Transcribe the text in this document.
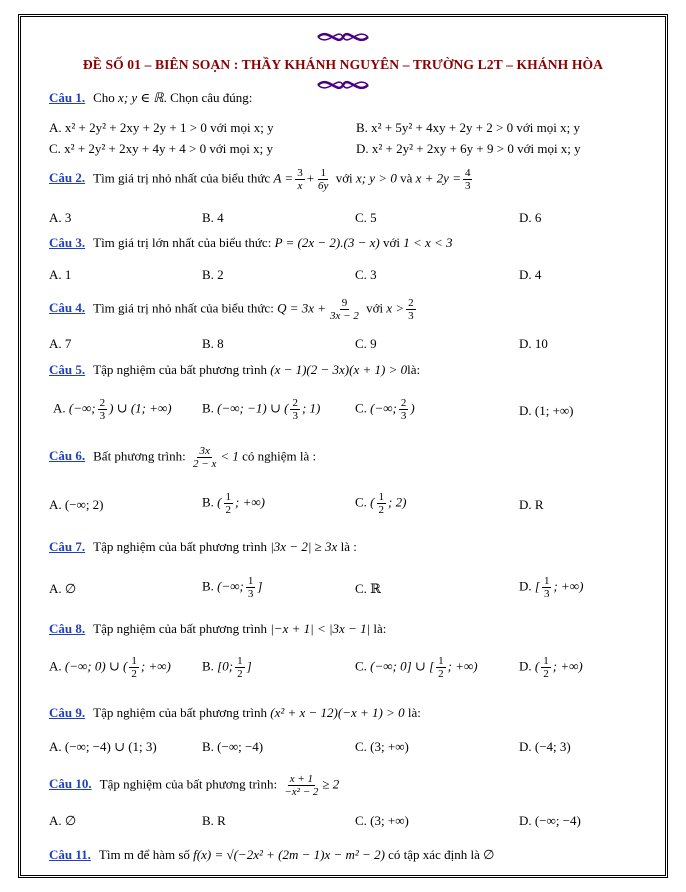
ĐỀ SỐ 01 – BIÊN SOẠN : THẦY KHÁNH NGUYÊN – TRƯỜNG L2T – KHÁNH HÒA
Câu 1. Cho x; y ∈ ℝ. Chọn câu đúng:
A. x² + 2y² + 2xy + 2y + 1 > 0 với mọi x; y	B. x² + 5y² + 4xy + 2y + 2 > 0 với mọi x; y
C. x² + 2y² + 2xy + 4y + 4 > 0 với mọi x; y	D. x² + 2y² + 2xy + 6y + 9 > 0 với mọi x; y
Câu 2. Tìm giá trị nhỏ nhất của biểu thức $A = \frac{3}{x} + \frac{1}{6y}$ với x; y > 0 và $x + 2y = \frac{4}{3}$
A. 3	B. 4	C. 5	D. 6
Câu 3. Tìm giá trị lớn nhất của biểu thức: P = (2x − 2).(3 − x) với 1 < x < 3
A. 1	B. 2	C. 3	D. 4
Câu 4. Tìm giá trị nhỏ nhất của biểu thức: $Q = 3x + \frac{9}{3x - 2}$ với $x > \frac{2}{3}$
A. 7	B. 8	C. 9	D. 10
Câu 5. Tập nghiệm của bất phương trình (x − 1)(2 − 3x)(x + 1) > 0là:
A. (−∞; $\frac{2}{3}$ ) ∪ (1; +∞) B. (−∞; −1) ∪ ( $\frac{2}{3}$ ; 1)	C. (−∞; $\frac{2}{3}$ )	D. (1; +∞)
Câu 6. Bất phương trình: $\frac{3x}{2 - x} < 1$ có nghiệm là :
A. (−∞; 2)	B. ( $\frac{1}{2}$ ; +∞)	C. ( $\frac{1}{2}$ ; 2)	D. R
Câu 7. Tập nghiệm của bất phương trình |3x − 2| ≥ 3x là :
A. ∅	B. (−∞; $\frac{1}{3}$ ]	C. ℝ	D. [ $\frac{1}{3}$ ; +∞)
Câu 8. Tập nghiệm của bất phương trình |−x + 1| < |3x − 1| là:
A. (−∞; 0) ∪ ( $\frac{1}{2}$ ; +∞) B. [0; $\frac{1}{2}$ ]	C. (−∞; 0] ∪ [ $\frac{1}{2}$ ; +∞)	D. ( $\frac{1}{2}$ ; +∞)
Câu 9. Tập nghiệm của bất phương trình (x² + x − 12)(−x + 1) > 0 là:
A. (−∞; −4) ∪ (1; 3)	B. (−∞; −4)	C. (3; +∞)	D. (−4; 3)
Câu 10. Tập nghiệm của bất phương trình: $\frac{x + 1}{\text{−x² − 2}} \ge 2$
A. ∅	B. R	C. (3; +∞)	D. (−∞; −4)
Câu 11. Tìm m để hàm số f(x) = √(−2x² + (2m − 1)x − m² − 2) có tập xác định là ∅
